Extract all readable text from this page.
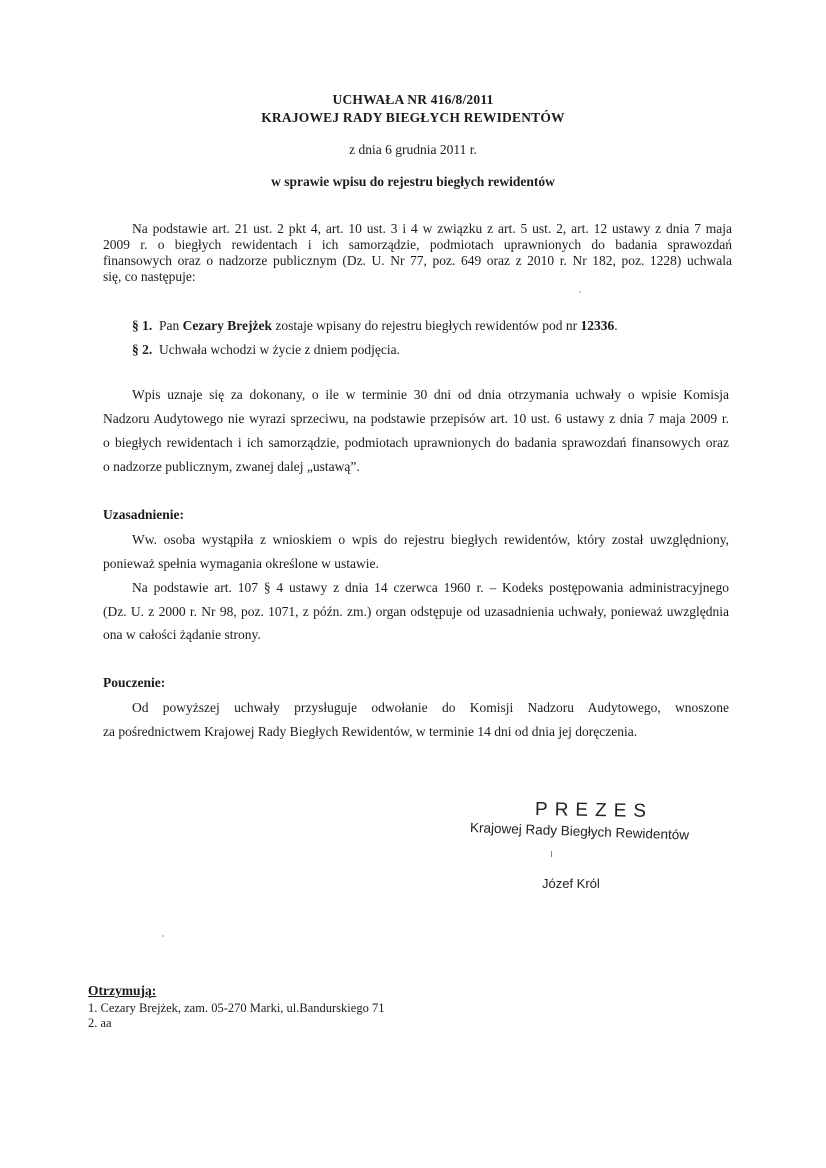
UCHWAŁA NR 416/8/2011
KRAJOWEJ RADY BIEGŁYCH REWIDENTÓW
z dnia 6 grudnia 2011 r.
w sprawie wpisu do rejestru biegłych rewidentów
Na podstawie art. 21 ust. 2 pkt 4, art. 10 ust. 3 i 4 w związku z art. 5 ust. 2, art. 12 ustawy z dnia 7 maja
2009 r. o biegłych rewidentach i ich samorządzie, podmiotach uprawnionych do badania sprawozdań
finansowych oraz o nadzorze publicznym (Dz. U. Nr 77, poz. 649 oraz z 2010 r. Nr 182, poz. 1228) uchwala
się, co następuje:
§ 1. Pan Cezary Brejżek zostaje wpisany do rejestru biegłych rewidentów pod nr 12336.
§ 2. Uchwała wchodzi w życie z dniem podjęcia.
Wpis uznaje się za dokonany, o ile w terminie 30 dni od dnia otrzymania uchwały o wpisie Komisja
Nadzoru Audytowego nie wyrazi sprzeciwu, na podstawie przepisów art. 10 ust. 6 ustawy z dnia 7 maja 2009 r.
o biegłych rewidentach i ich samorządzie, podmiotach uprawnionych do badania sprawozdań finansowych oraz
o nadzorze publicznym, zwanej dalej „ustawą”.
Uzasadnienie:
Ww. osoba wystąpiła z wnioskiem o wpis do rejestru biegłych rewidentów, który został uwzględniony,
ponieważ spełnia wymagania określone w ustawie.
Na podstawie art. 107 § 4 ustawy z dnia 14 czerwca 1960 r. – Kodeks postępowania administracyjnego
(Dz. U. z 2000 r. Nr 98, poz. 1071, z późn. zm.) organ odstępuje od uzasadnienia uchwały, ponieważ uwzględnia
ona w całości żądanie strony.
Pouczenie:
Od powyższej uchwały przysługuje odwołanie do Komisji Nadzoru Audytowego, wnoszone
za pośrednictwem Krajowej Rady Biegłych Rewidentów, w terminie 14 dni od dnia jej doręczenia.
PREZES
Krajowej Rady Biegłych Rewidentów
Józef Król
Otrzymują:
1. Cezary Brejżek, zam. 05-270 Marki, ul.Bandurskiego 71
2. aa
